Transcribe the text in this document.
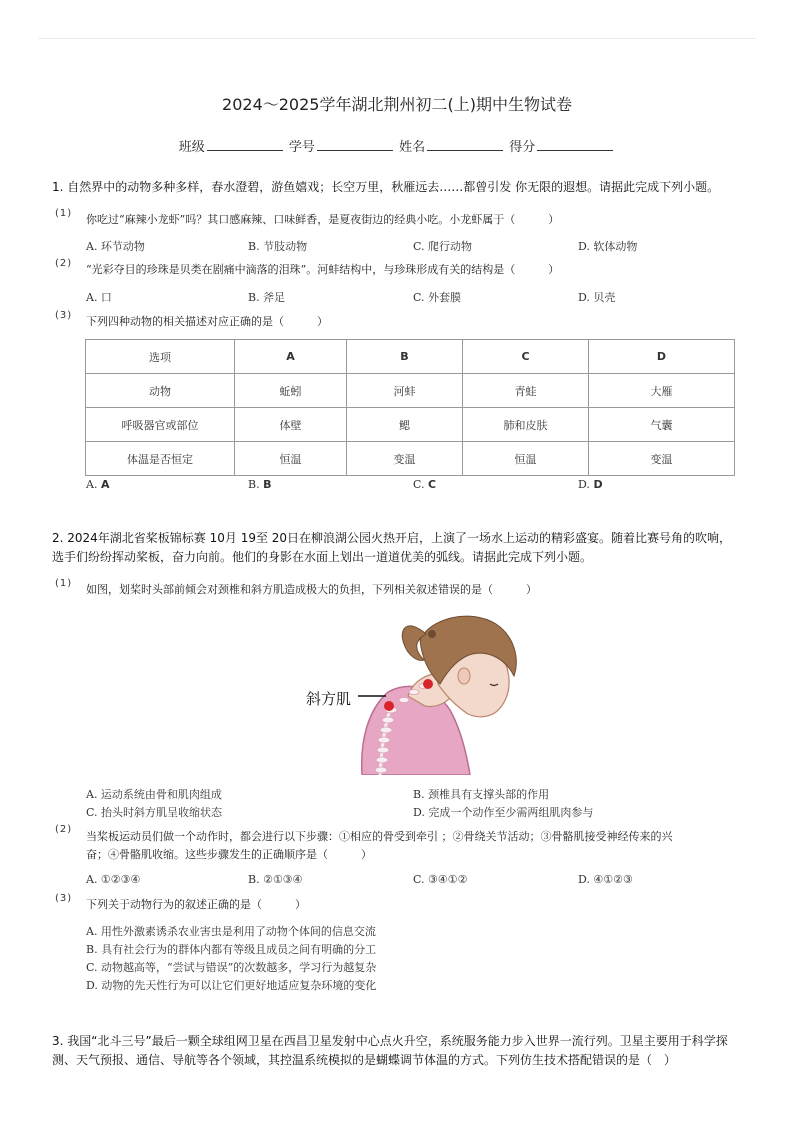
2024～2025学年湖北荆州初二(上)期中生物试卷
班级	学号	姓名	得分
1. 自然界中的动物多种多样，春水澄碧，游鱼嬉戏；长空万里，秋雁远去……都曾引发 你无限的遐想。请据此完成下列小题。
(1) 你吃过“麻辣小龙虾”吗？其口感麻辣、口味鲜香，是夏夜街边的经典小吃。小龙虾属于（　　　）
A. 环节动物	B. 节肢动物	C. 爬行动物	D. 软体动物
(2) “光彩夺目的珍珠是贝类在剧痛中滴落的泪珠”。河蚌结构中，与珍珠形成有关的结构是（　　　）
A. 口	B. 斧足	C. 外套膜	D. 贝壳
(3) 下列四种动物的相关描述对应正确的是（　　　）
选项	A	B	C	D
动物	蚯蚓	河蚌	青蛙	大雁
呼吸器官或部位	体壁	鳃	肺和皮肤	气囊
体温是否恒定	恒温	变温	恒温	变温
A. A	B. B	C. C	D. D
2. 2024年湖北省桨板锦标赛 10月 19至 20日在柳浪湖公园火热开启，上演了一场水上运动的精彩盛宴。随着比赛号角的吹响，
选手们纷纷挥动桨板，奋力向前。他们的身影在水面上划出一道道优美的弧线。请据此完成下列小题。
(1) 如图，划桨时头部前倾会对颈椎和斜方肌造成极大的负担，下列相关叙述错误的是（　　　）
斜方肌
A. 运动系统由骨和肌肉组成	B. 颈椎具有支撑头部的作用
C. 抬头时斜方肌呈收缩状态	D. 完成一个动作至少需两组肌肉参与
(2)
当桨板运动员们做一个动作时，都会进行以下步骤：①相应的骨受到牵引 ；②骨绕关节活动；③骨骼肌接受神经传来的兴
奋；④骨骼肌收缩。这些步骤发生的正确顺序是（　　　）
A. ①②③④	B. ②①③④	C. ③④①②	D. ④①②③
(3) 下列关于动物行为的叙述正确的是（　　　）
A. 用性外激素诱杀农业害虫是利用了动物个体间的信息交流
B. 具有社会行为的群体内都有等级且成员之间有明确的分工
C. 动物越高等，“尝试与错误”的次数越多，学习行为越复杂
D. 动物的先天性行为可以让它们更好地适应复杂环境的变化
3. 我国“北斗三号”最后一颗全球组网卫星在西昌卫星发射中心点火升空，系统服务能力步入世界一流行列。卫星主要用于科学探
测、天气预报、通信、导航等各个领域，其控温系统模拟的是蝴蝶调节体温的方式。下列仿生技术搭配错误的是（　）
